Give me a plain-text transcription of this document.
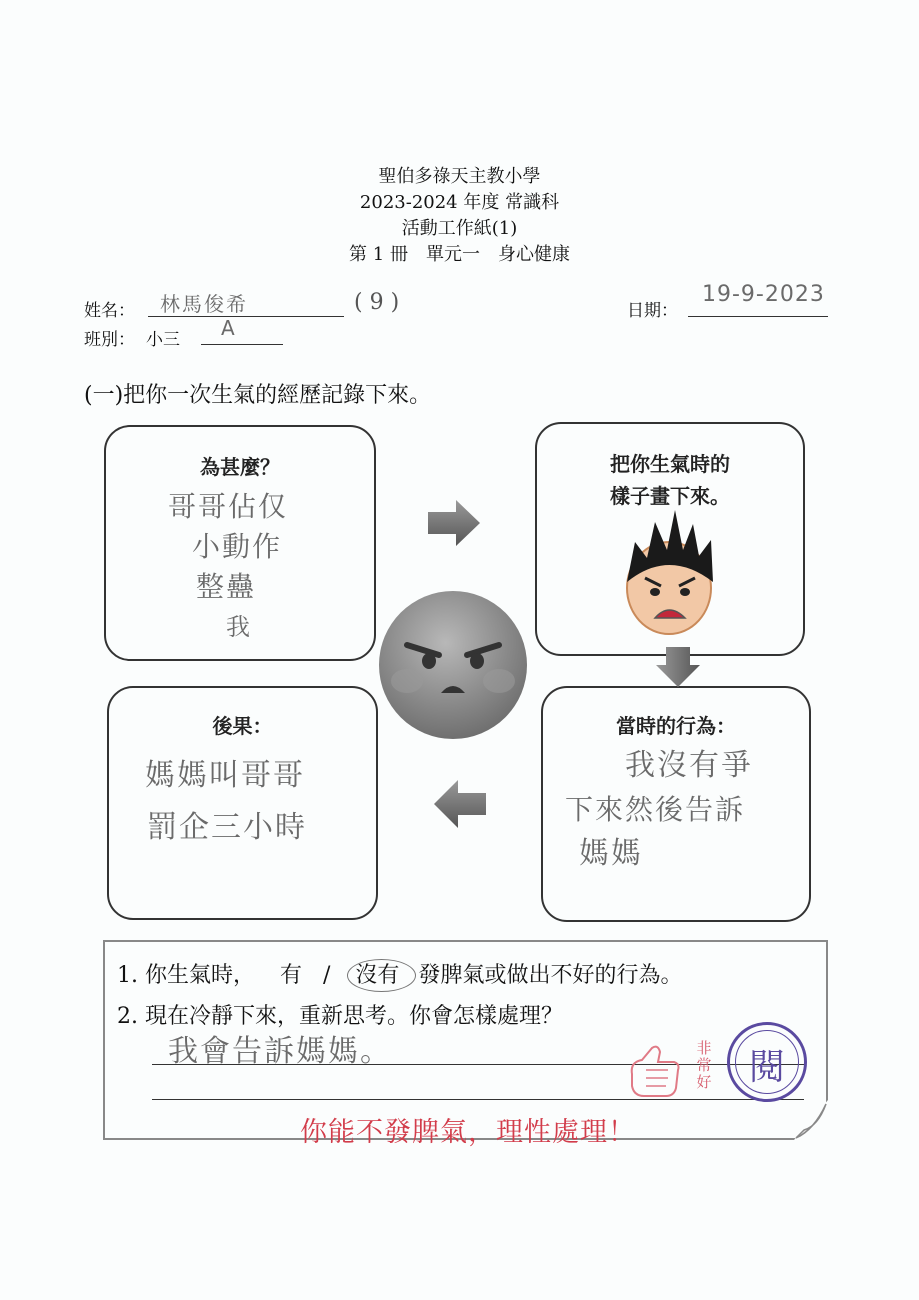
聖伯多祿天主教小學
2023-2024 年度 常識科
活動工作紙(1)
第 1 冊　單元一　身心健康
姓名： 林馬俊希	( 9 )	日期：
19-9-2023
班別： 小三 A
(一)把你一次生氣的經歷記錄下來。
為甚麼？
哥哥佔仅
小動作
整蠱
我
把你生氣時的
樣子畫下來。
後果：
媽媽叫哥哥
罰企三小時
當時的行為：
我沒有爭
下來然後告訴
媽媽
1. 你生氣時， 有 / 沒有 發脾氣或做出不好的行為。
2. 現在冷靜下來，重新思考。你會怎樣處理？
我會告訴媽媽。	非常好	閱
你能不發脾氣，理性處理！
